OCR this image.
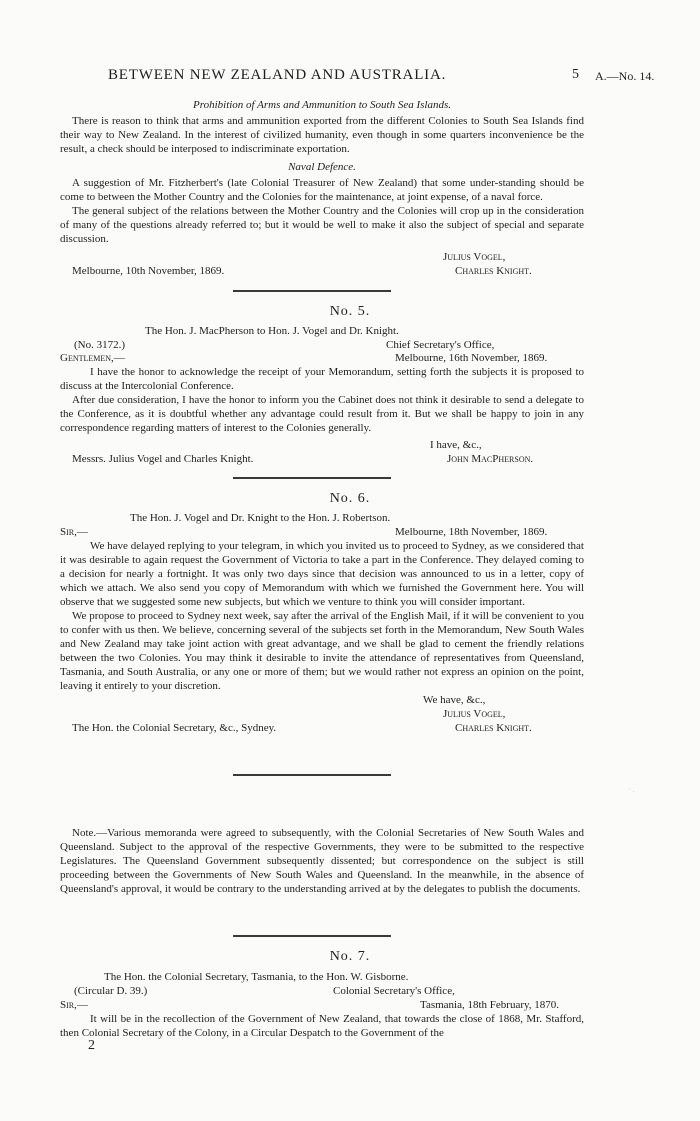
BETWEEN NEW ZEALAND AND AUSTRALIA.	5 A.—No. 14.
Prohibition of Arms and Ammunition to South Sea Islands.

There is reason to think that arms and ammunition exported from the different Colonies to South Sea Islands find their way to New Zealand. In the interest of civilized humanity, even though in some quarters inconvenience be the result, a check should be interposed to indiscriminate exportation.

Naval Defence.

A suggestion of Mr. Fitzherbert's (late Colonial Treasurer of New Zealand) that some under-standing should be come to between the Mother Country and the Colonies for the maintenance, at joint expense, of a naval force.

The general subject of the relations between the Mother Country and the Colonies will crop up in the consideration of many of the questions already referred to; but it would be well to make it also the subject of special and separate discussion.

Julius Vogel,
Melbourne, 10th November, 1869.	Charles Knight.
No. 5.
The Hon. J. MacPherson to Hon. J. Vogel and Dr. Knight.
(No. 3172.)	Chief Secretary's Office,
Gentlemen,—	Melbourne, 16th November, 1869.

I have the honor to acknowledge the receipt of your Memorandum, setting forth the subjects it is proposed to discuss at the Intercolonial Conference.

After due consideration, I have the honor to inform you the Cabinet does not think it desirable to send a delegate to the Conference, as it is doubtful whether any advantage could result from it. But we shall be happy to join in any correspondence regarding matters of interest to the Colonies generally.

I have, &c.,
Messrs. Julius Vogel and Charles Knight.	John MacPherson.
No. 6.
The Hon. J. Vogel and Dr. Knight to the Hon. J. Robertson.
Sir,—	Melbourne, 18th November, 1869.

We have delayed replying to your telegram, in which you invited us to proceed to Sydney, as we considered that it was desirable to again request the Government of Victoria to take a part in the Conference. They delayed coming to a decision for nearly a fortnight. It was only two days since that decision was announced to us in a letter, copy of which we attach. We also send you copy of Memorandum with which we furnished the Government here. You will observe that we suggested some new subjects, but which we venture to think you will consider important.

We propose to proceed to Sydney next week, say after the arrival of the English Mail, if it will be convenient to you to confer with us then. We believe, concerning several of the subjects set forth in the Memorandum, New South Wales and New Zealand may take joint action with great advantage, and we shall be glad to cement the friendly relations between the two Colonies. You may think it desirable to invite the attendance of representatives from Queensland, Tasmania, and South Australia, or any one or more of them; but we would rather not express an opinion on the point, leaving it entirely to your discretion.

We have, &c.,
Julius Vogel,
The Hon. the Colonial Secretary, &c., Sydney.	Charles Knight.

Note.—Various memoranda were agreed to subsequently, with the Colonial Secretaries of New South Wales and Queensland. Subject to the approval of the respective Governments, they were to be submitted to the respective Legislatures. The Queensland Government subsequently dissented; but correspondence on the subject is still proceeding between the Governments of New South Wales and Queensland. In the meanwhile, in the absence of Queensland's approval, it would be contrary to the understanding arrived at by the delegates to publish the documents.

No. 7.
The Hon. the Colonial Secretary, Tasmania, to the Hon. W. Gisborne.
(Circular D. 39.)	Colonial Secretary's Office,
Sir,—	Tasmania, 18th February, 1870.

It will be in the recollection of the Government of New Zealand, that towards the close of 1868, Mr. Stafford, then Colonial Secretary of the Colony, in a Circular Despatch to the Government of the

2
· .
